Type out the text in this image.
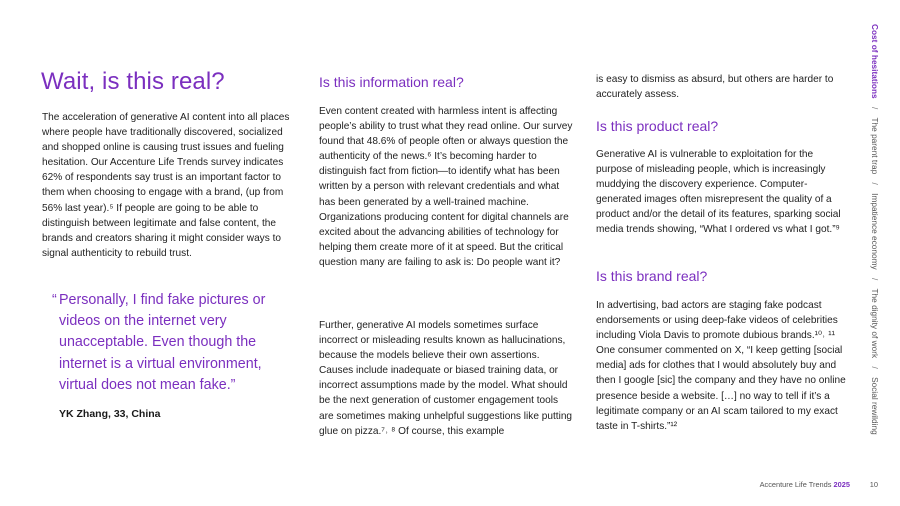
Wait, is this real?

The acceleration of generative AI content into all places where people have traditionally discovered, socialized and shopped online is causing trust issues and fueling hesitation. Our Accenture Life Trends survey indicates 62% of respondents say trust is an important factor to them when choosing to engage with a brand, (up from 56% last year).⁵ If people are going to be able to distinguish between legitimate and false content, the brands and creators sharing it might consider ways to signal authenticity to rebuild trust.

“ Personally, I find fake pictures or videos on the internet very unacceptable. Even though the internet is a virtual environment, virtual does not mean fake.”
YK Zhang, 33, China
Is this information real?

Even content created with harmless intent is affecting people’s ability to trust what they read online. Our survey found that 48.6% of people often or always question the authenticity of the news.⁶ It’s becoming harder to distinguish fact from fiction—to identify what has been written by a person with relevant credentials and what has been generated by a well-trained machine. Organizations producing content for digital channels are excited about the advancing abilities of technology for helping them create more of it at speed. But the critical question many are failing to ask is: Do people want it?

Further, generative AI models sometimes surface incorrect or misleading results known as hallucinations, because the models believe their own assertions. Causes include inadequate or biased training data, or incorrect assumptions made by the model. What should be the next generation of customer engagement tools are sometimes making unhelpful suggestions like putting glue on pizza.⁷˒ ⁸ Of course, this example

is easy to dismiss as absurd, but others are harder to accurately assess.

Is this product real?

Generative AI is vulnerable to exploitation for the purpose of misleading people, which is increasingly muddying the discovery experience. Computer-generated images often misrepresent the quality of a product and/or the detail of its features, sparking social media trends showing, “What I ordered vs what I got.”⁹

Is this brand real?

In advertising, bad actors are staging fake podcast endorsements or using deep-fake videos of celebrities including Viola Davis to promote dubious brands.¹⁰˒ ¹¹ One consumer commented on X, “I keep getting [social media] ads for clothes that I would absolutely buy and then I google [sic] the company and they have no online presence beside a website. […] no way to tell if it’s a legitimate company or an AI scam tailored to my exact taste in T-shirts.”¹²

Cost of hesitations / The parent trap / Impatience economy / The dignity of work / Social rewilding
Accenture Life Trends 2025	10
